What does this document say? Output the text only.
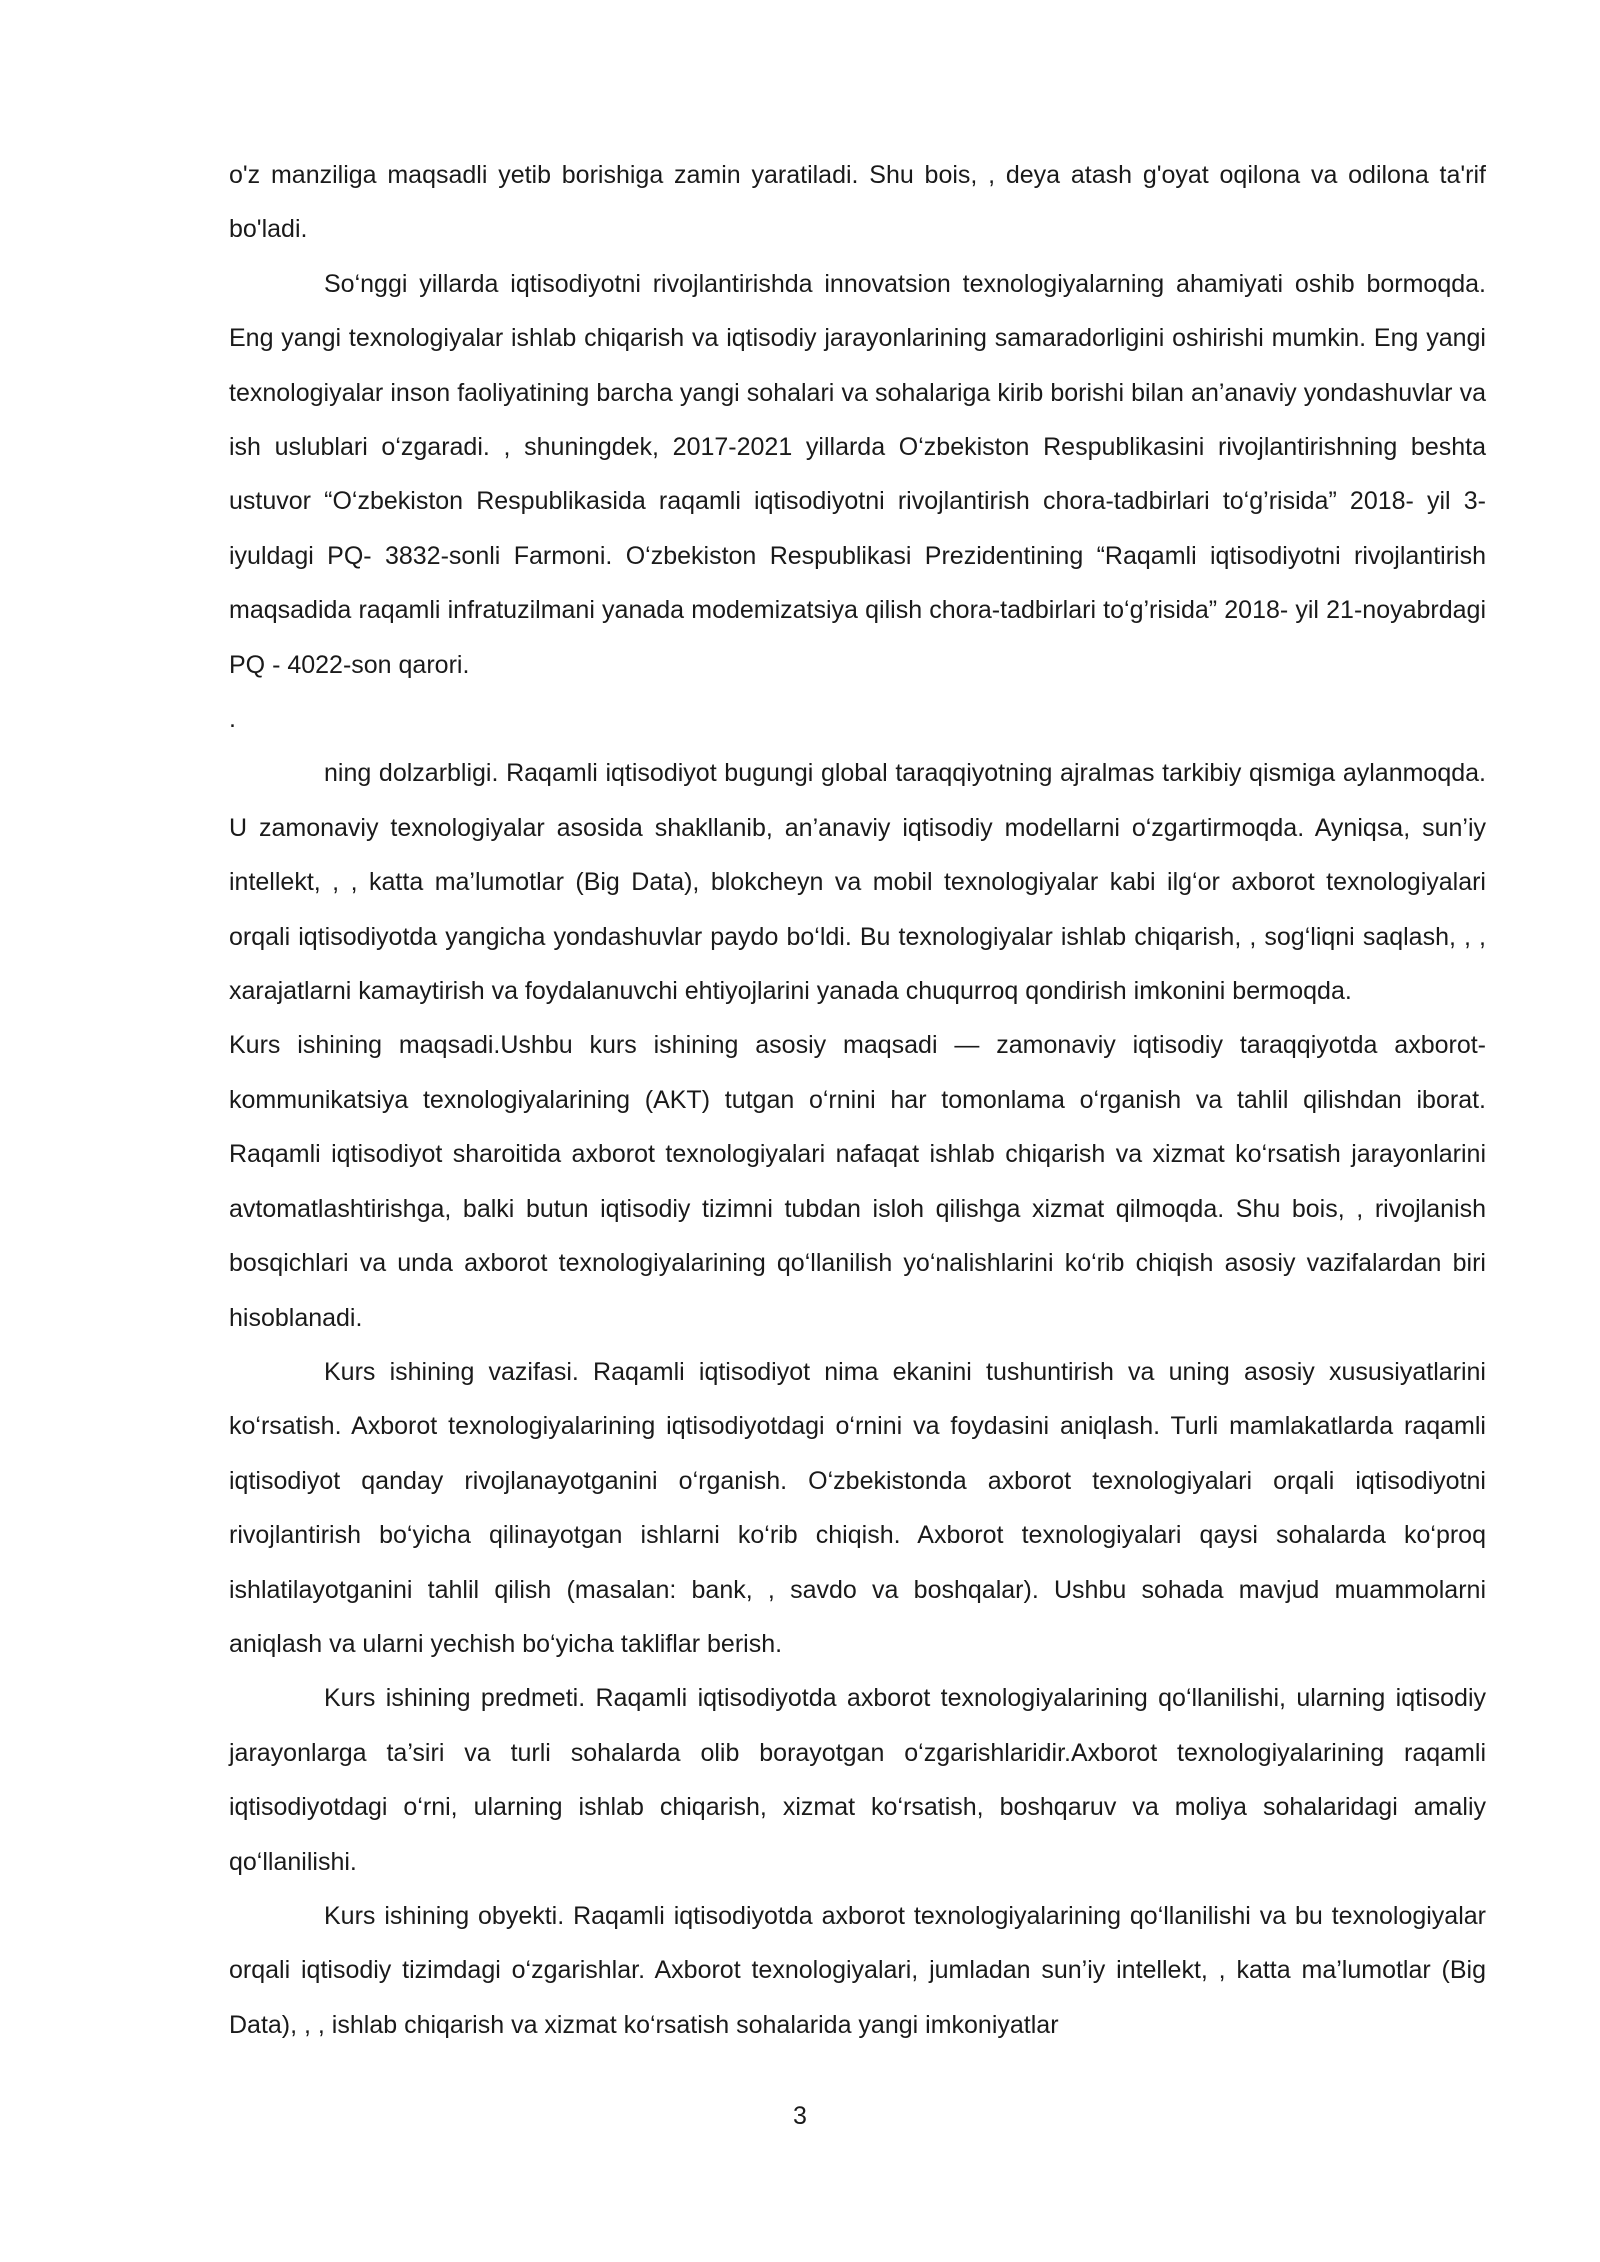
o'z manziliga maqsadli yetib borishiga zamin yaratiladi. Shu bois, , deya atash g'oyat oqilona va odilona ta'rif bo'ladi.

So‘nggi yillarda iqtisodiyotni rivojlantirishda innovatsion texnologiyalarning ahamiyati oshib bormoqda. Eng yangi texnologiyalar ishlab chiqarish va iqtisodiy jarayonlarining samaradorligini oshirishi mumkin. Eng yangi texnologiyalar inson faoliyatining barcha yangi sohalari va sohalariga kirib borishi bilan an’anaviy yondashuvlar va ish uslublari o‘zgaradi. , shuningdek, 2017-2021 yillarda O‘zbekiston Respublikasini rivojlantirishning beshta ustuvor “O‘zbekiston Respublikasida raqamli iqtisodiyotni rivojlantirish chora-tadbirlari to‘g’risida” 2018- yil 3-iyuldagi PQ- 3832-sonli Farmoni. O‘zbekiston Respublikasi Prezidentining “Raqamli iqtisodiyotni rivojlantirish maqsadida raqamli infratuzilmani yanada modemizatsiya qilish chora-tadbirlari to‘g’risida” 2018- yil 21-noyabrdagi PQ - 4022-son qarori.

.

ning dolzarbligi. Raqamli iqtisodiyot bugungi global taraqqiyotning ajralmas tarkibiy qismiga aylanmoqda. U zamonaviy texnologiyalar asosida shakllanib, an’anaviy iqtisodiy modellarni o‘zgartirmoqda. Ayniqsa, sun’iy intellekt, , , katta ma’lumotlar (Big Data), blokcheyn va mobil texnologiyalar kabi ilg‘or axborot texnologiyalari orqali iqtisodiyotda yangicha yondashuvlar paydo bo‘ldi. Bu texnologiyalar ishlab chiqarish, , sog‘liqni saqlash, , , xarajatlarni kamaytirish va foydalanuvchi ehtiyojlarini yanada chuqurroq qondirish imkonini bermoqda.

Kurs ishining maqsadi.Ushbu kurs ishining asosiy maqsadi — zamonaviy iqtisodiy taraqqiyotda axborot-kommunikatsiya texnologiyalarining (AKT) tutgan o‘rnini har tomonlama o‘rganish va tahlil qilishdan iborat. Raqamli iqtisodiyot sharoitida axborot texnologiyalari nafaqat ishlab chiqarish va xizmat ko‘rsatish jarayonlarini avtomatlashtirishga, balki butun iqtisodiy tizimni tubdan isloh qilishga xizmat qilmoqda. Shu bois, , rivojlanish bosqichlari va unda axborot texnologiyalarining qo‘llanilish yo‘nalishlarini ko‘rib chiqish asosiy vazifalardan biri hisoblanadi.

Kurs ishining vazifasi. Raqamli iqtisodiyot nima ekanini tushuntirish va uning asosiy xususiyatlarini ko‘rsatish. Axborot texnologiyalarining iqtisodiyotdagi o‘rnini va foydasini aniqlash. Turli mamlakatlarda raqamli iqtisodiyot qanday rivojlanayotganini o‘rganish. O‘zbekistonda axborot texnologiyalari orqali iqtisodiyotni rivojlantirish bo‘yicha qilinayotgan ishlarni ko‘rib chiqish. Axborot texnologiyalari qaysi sohalarda ko‘proq ishlatilayotganini tahlil qilish (masalan: bank, , savdo va boshqalar). Ushbu sohada mavjud muammolarni aniqlash va ularni yechish bo‘yicha takliflar berish.

Kurs ishining predmeti. Raqamli iqtisodiyotda axborot texnologiyalarining qo‘llanilishi, ularning iqtisodiy jarayonlarga ta’siri va turli sohalarda olib borayotgan o‘zgarishlaridir.Axborot texnologiyalarining raqamli iqtisodiyotdagi o‘rni, ularning ishlab chiqarish, xizmat ko‘rsatish, boshqaruv va moliya sohalaridagi amaliy qo‘llanilishi.

Kurs ishining obyekti. Raqamli iqtisodiyotda axborot texnologiyalarining qo‘llanilishi va bu texnologiyalar orqali iqtisodiy tizimdagi o‘zgarishlar. Axborot texnologiyalari, jumladan sun’iy intellekt, , katta ma’lumotlar (Big Data), , , ishlab chiqarish va xizmat ko‘rsatish sohalarida yangi imkoniyatlar

3
